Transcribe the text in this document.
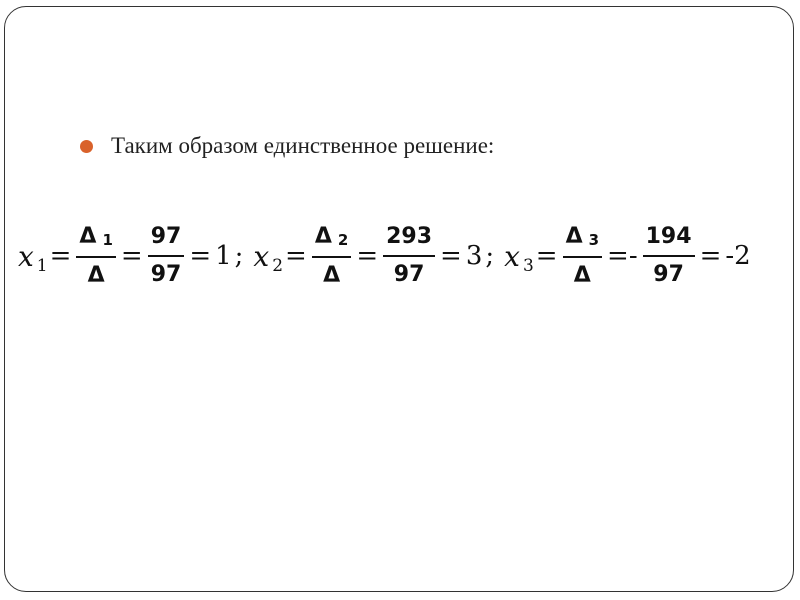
Таким образом единственное решение:
x $1 = \frac{\Delta 1}{\Delta} = \frac{97}{97} = 1$ ; x $2 = \frac{\Delta 2}{\Delta} = \frac{293}{97} = 3$ ; x $3 = \frac{\Delta 3}{\Delta} =- \frac{194}{97} = -2$
